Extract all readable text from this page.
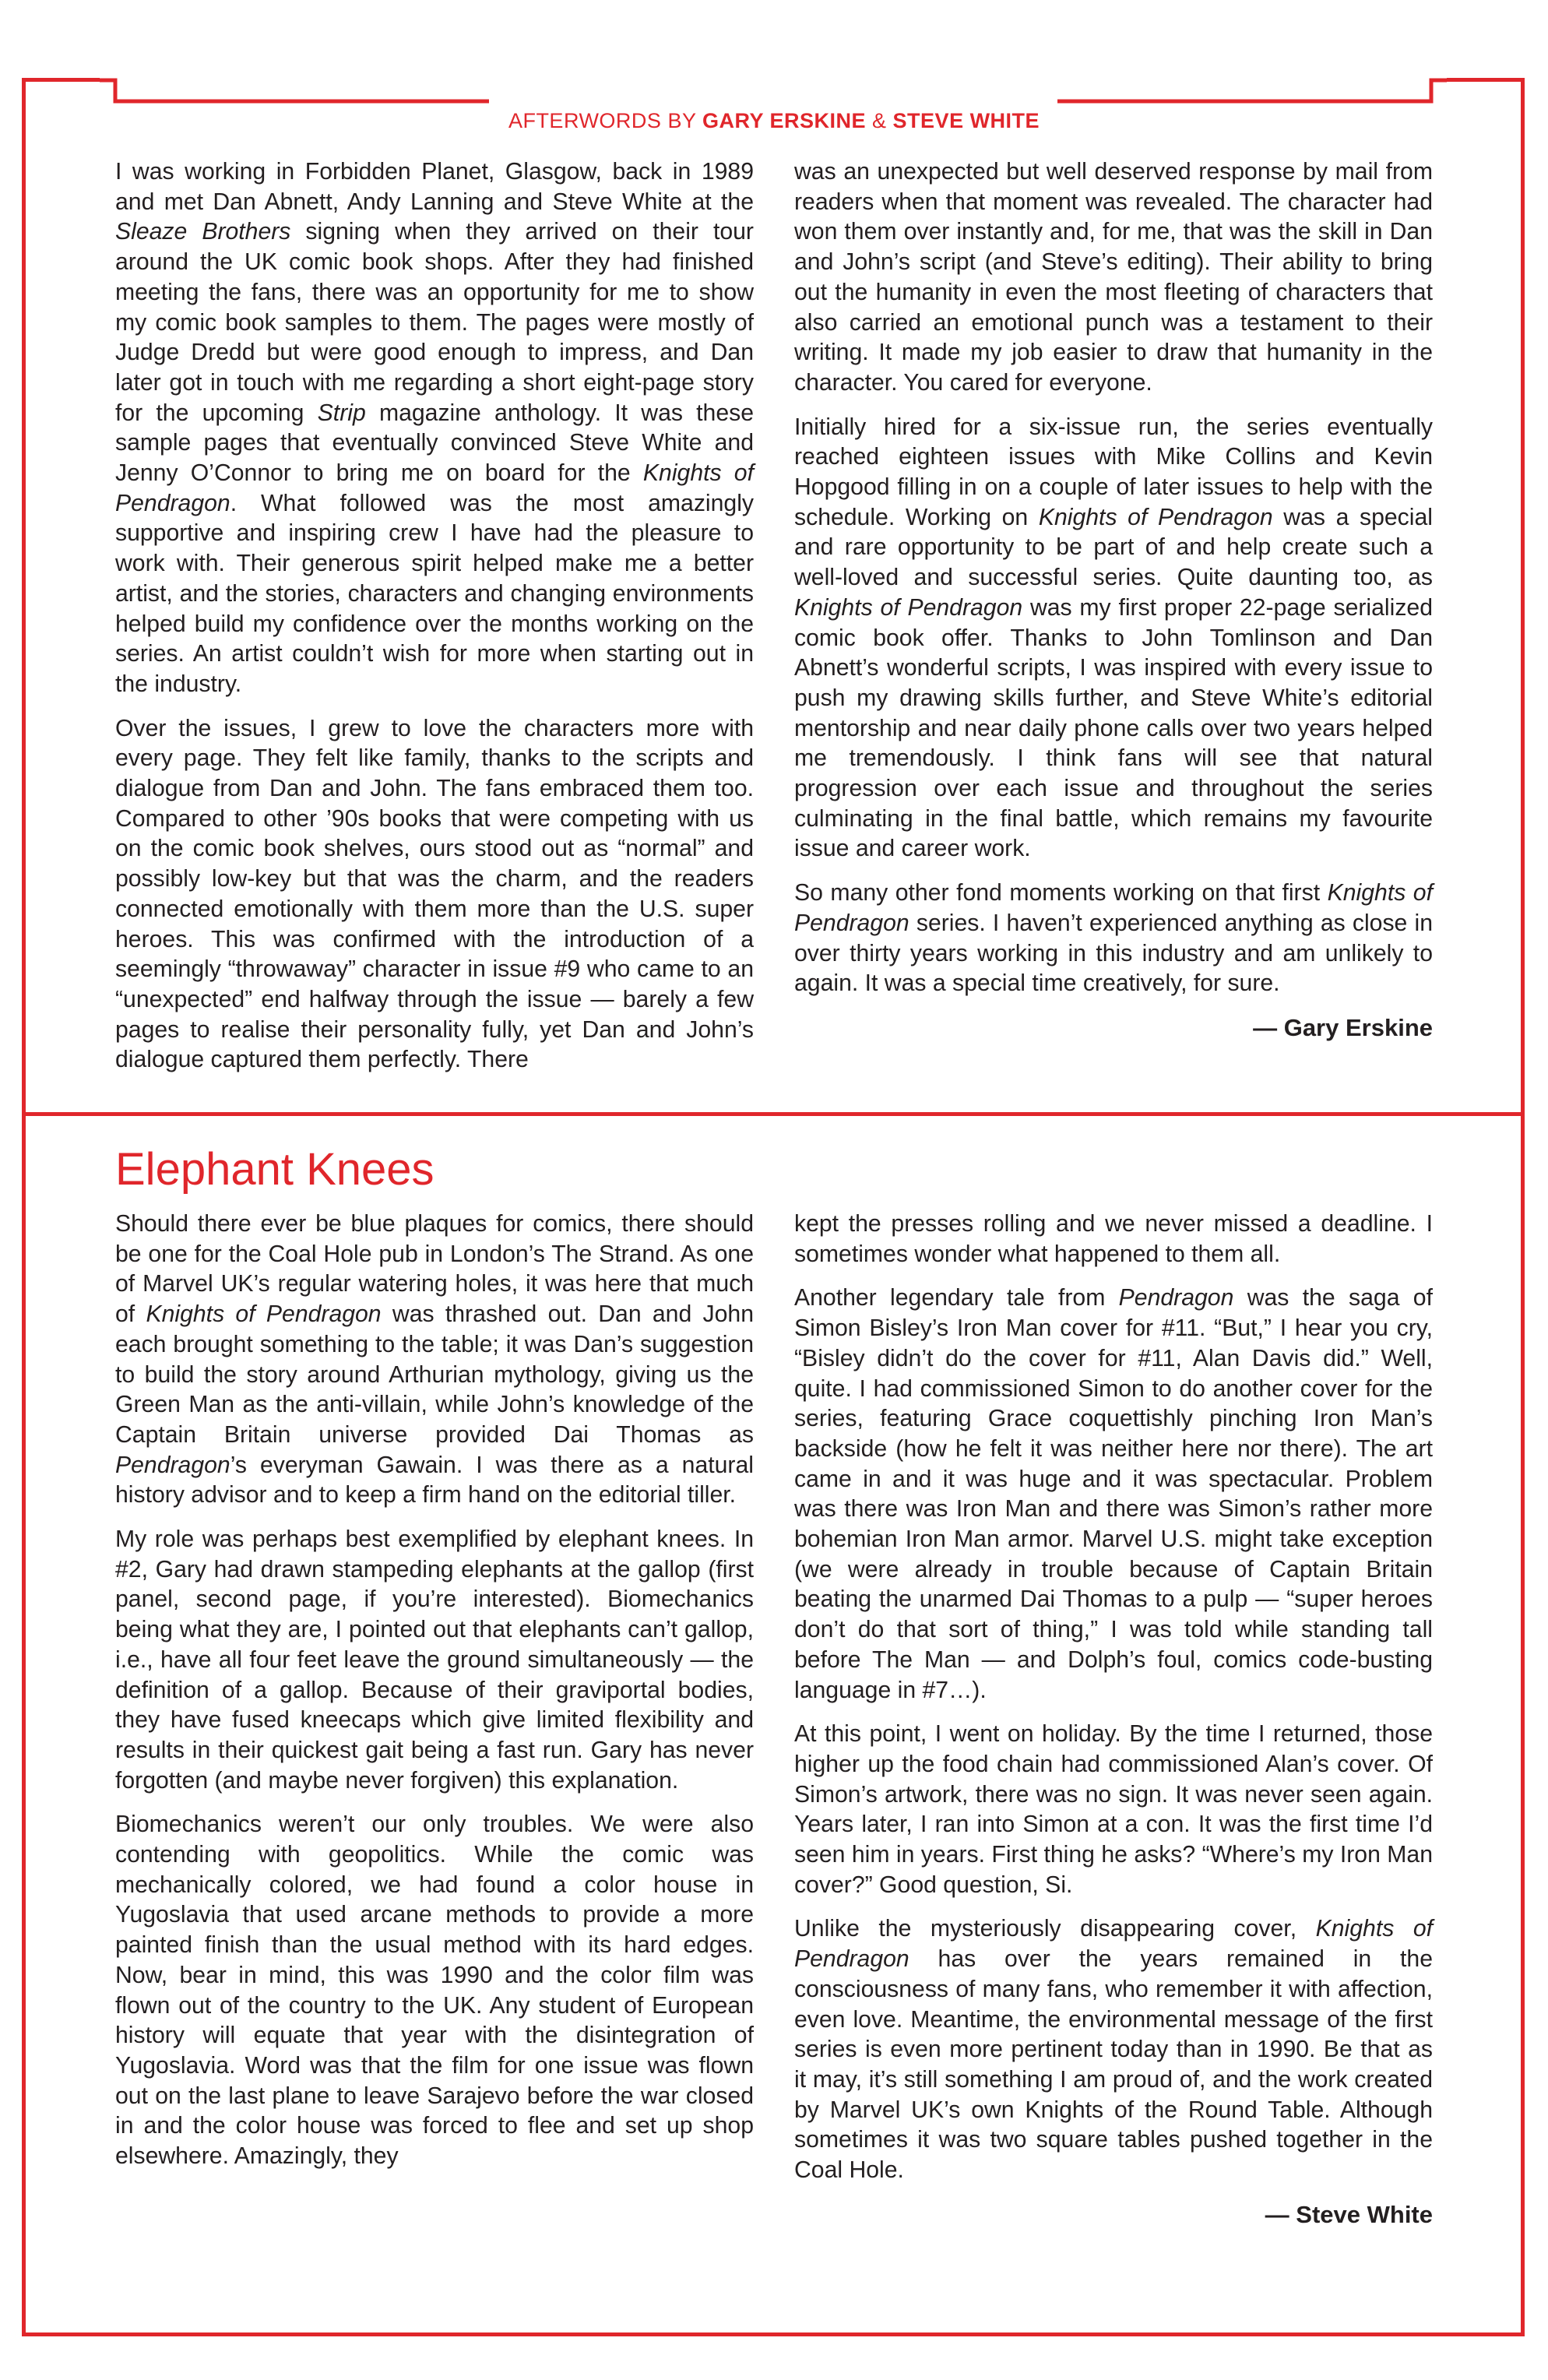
AFTERWORDS BY GARY ERSKINE & STEVE WHITE

I was working in Forbidden Planet, Glasgow, back in 1989 and met Dan Abnett, Andy Lanning and Steve White at the Sleaze Brothers signing when they arrived on their tour around the UK comic book shops. After they had finished meeting the fans, there was an opportunity for me to show my comic book samples to them. The pages were mostly of Judge Dredd but were good enough to impress, and Dan later got in touch with me regarding a short eight-page story for the upcoming Strip magazine anthology. It was these sample pages that eventually convinced Steve White and Jenny O’Connor to bring me on board for the Knights of Pendragon. What followed was the most amazingly supportive and inspiring crew I have had the pleasure to work with. Their generous spirit helped make me a better artist, and the stories, characters and changing environments helped build my confidence over the months working on the series. An artist couldn’t wish for more when starting out in the industry.

Over the issues, I grew to love the characters more with every page. They felt like family, thanks to the scripts and dialogue from Dan and John. The fans embraced them too. Compared to other ’90s books that were competing with us on the comic book shelves, ours stood out as “normal” and possibly low-key but that was the charm, and the readers connected emotionally with them more than the U.S. super heroes. This was confirmed with the introduction of a seemingly “throwaway” character in issue #9 who came to an “unexpected” end halfway through the issue — barely a few pages to realise their personality fully, yet Dan and John’s dialogue captured them perfectly. There

was an unexpected but well deserved response by mail from readers when that moment was revealed. The character had won them over instantly and, for me, that was the skill in Dan and John’s script (and Steve’s editing). Their ability to bring out the humanity in even the most fleeting of characters that also carried an emotional punch was a testament to their writing. It made my job easier to draw that humanity in the character. You cared for everyone.

Initially hired for a six-issue run, the series eventually reached eighteen issues with Mike Collins and Kevin Hopgood filling in on a couple of later issues to help with the schedule. Working on Knights of Pendragon was a special and rare opportunity to be part of and help create such a well-loved and successful series. Quite daunting too, as Knights of Pendragon was my first proper 22-page serialized comic book offer. Thanks to John Tomlinson and Dan Abnett’s wonderful scripts, I was inspired with every issue to push my drawing skills further, and Steve White’s editorial mentorship and near daily phone calls over two years helped me tremendously. I think fans will see that natural progression over each issue and throughout the series culminating in the final battle, which remains my favourite issue and career work.

So many other fond moments working on that first Knights of Pendragon series. I haven’t experienced anything as close in over thirty years working in this industry and am unlikely to again. It was a special time creatively, for sure.

— Gary Erskine
Elephant Knees

Should there ever be blue plaques for comics, there should be one for the Coal Hole pub in London’s The Strand. As one of Marvel UK’s regular watering holes, it was here that much of Knights of Pendragon was thrashed out. Dan and John each brought something to the table; it was Dan’s suggestion to build the story around Arthurian mythology, giving us the Green Man as the anti-villain, while John’s knowledge of the Captain Britain universe provided Dai Thomas as Pendragon’s everyman Gawain. I was there as a natural history advisor and to keep a firm hand on the editorial tiller.

My role was perhaps best exemplified by elephant knees. In #2, Gary had drawn stampeding elephants at the gallop (first panel, second page, if you’re interested). Biomechanics being what they are, I pointed out that elephants can’t gallop, i.e., have all four feet leave the ground simultaneously — the definition of a gallop. Because of their graviportal bodies, they have fused kneecaps which give limited flexibility and results in their quickest gait being a fast run. Gary has never forgotten (and maybe never forgiven) this explanation.

Biomechanics weren’t our only troubles. We were also contending with geopolitics. While the comic was mechanically colored, we had found a color house in Yugoslavia that used arcane methods to provide a more painted finish than the usual method with its hard edges. Now, bear in mind, this was 1990 and the color film was flown out of the country to the UK. Any student of European history will equate that year with the disintegration of Yugoslavia. Word was that the film for one issue was flown out on the last plane to leave Sarajevo before the war closed in and the color house was forced to flee and set up shop elsewhere. Amazingly, they

kept the presses rolling and we never missed a deadline. I sometimes wonder what happened to them all.

Another legendary tale from Pendragon was the saga of Simon Bisley’s Iron Man cover for #11. “But,” I hear you cry, “Bisley didn’t do the cover for #11, Alan Davis did.” Well, quite. I had commissioned Simon to do another cover for the series, featuring Grace coquettishly pinching Iron Man’s backside (how he felt it was neither here nor there). The art came in and it was huge and it was spectacular. Problem was there was Iron Man and there was Simon’s rather more bohemian Iron Man armor. Marvel U.S. might take exception (we were already in trouble because of Captain Britain beating the unarmed Dai Thomas to a pulp — “super heroes don’t do that sort of thing,” I was told while standing tall before The Man — and Dolph’s foul, comics code-busting language in #7…).

At this point, I went on holiday. By the time I returned, those higher up the food chain had commissioned Alan’s cover. Of Simon’s artwork, there was no sign. It was never seen again. Years later, I ran into Simon at a con. It was the first time I’d seen him in years. First thing he asks? “Where’s my Iron Man cover?” Good question, Si.

Unlike the mysteriously disappearing cover, Knights of Pendragon has over the years remained in the consciousness of many fans, who remember it with affection, even love. Meantime, the environmental message of the first series is even more pertinent today than in 1990. Be that as it may, it’s still something I am proud of, and the work created by Marvel UK’s own Knights of the Round Table. Although sometimes it was two square tables pushed together in the Coal Hole.

— Steve White
